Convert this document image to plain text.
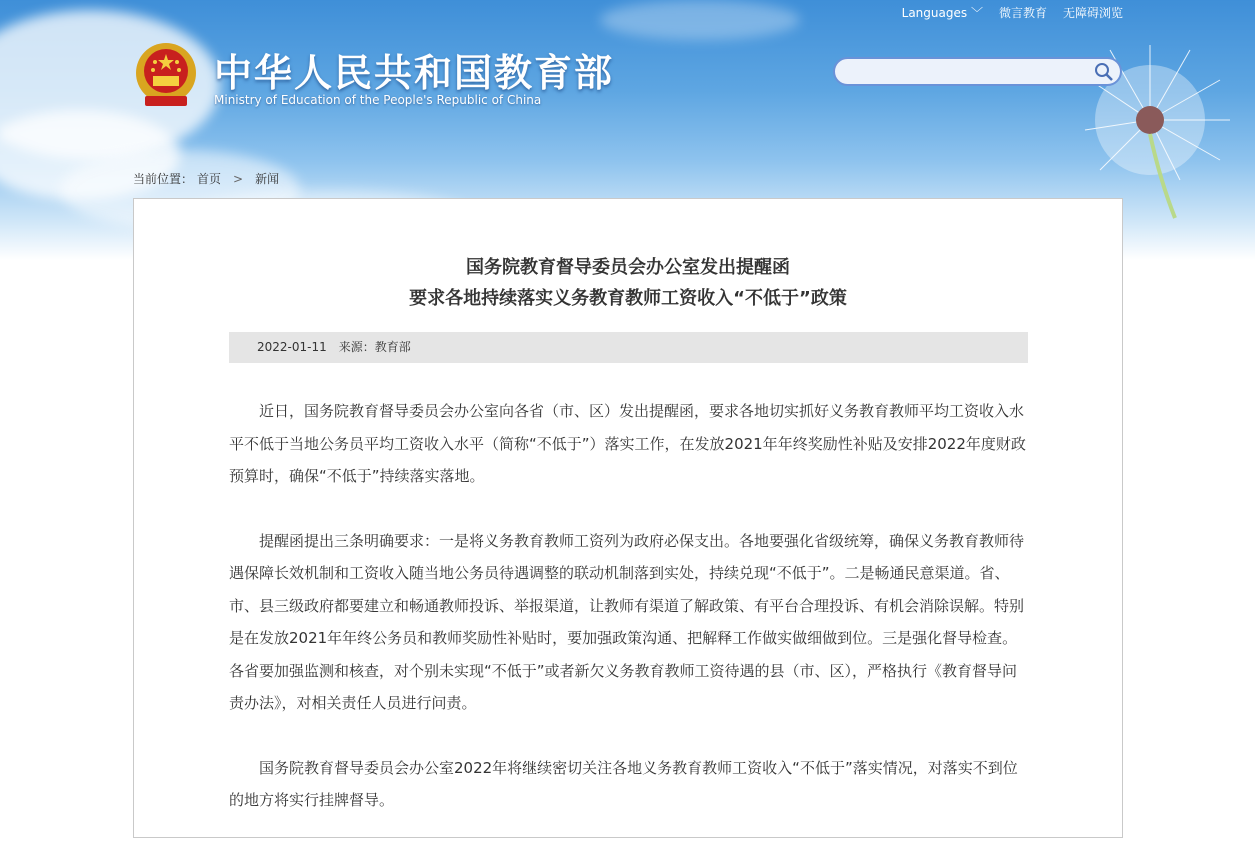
Languages ﹀ 微言教育 无障碍浏览
中华人民共和国教育部
Ministry of Education of the People's Republic of China
当前位置： 首页 > 新闻
国务院教育督导委员会办公室发出提醒函
要求各地持续落实义务教育教师工资收入“不低于”政策
2022-01-11 来源：教育部

近日，国务院教育督导委员会办公室向各省（市、区）发出提醒函，要求各地切实抓好义务教育教师平均工资收入水平不低于当地公务员平均工资收入水平（简称“不低于”）落实工作，在发放2021年年终奖励性补贴及安排2022年度财政预算时，确保“不低于”持续落实落地。

提醒函提出三条明确要求：一是将义务教育教师工资列为政府必保支出。各地要强化省级统筹，确保义务教育教师待遇保障长效机制和工资收入随当地公务员待遇调整的联动机制落到实处，持续兑现“不低于”。二是畅通民意渠道。省、市、县三级政府都要建立和畅通教师投诉、举报渠道，让教师有渠道了解政策、有平台合理投诉、有机会消除误解。特别是在发放2021年年终公务员和教师奖励性补贴时，要加强政策沟通、把解释工作做实做细做到位。三是强化督导检查。各省要加强监测和核查，对个别未实现“不低于”或者新欠义务教育教师工资待遇的县（市、区），严格执行《教育督导问责办法》，对相关责任人员进行问责。

国务院教育督导委员会办公室2022年将继续密切关注各地义务教育教师工资收入“不低于”落实情况，对落实不到位的地方将实行挂牌督导。
